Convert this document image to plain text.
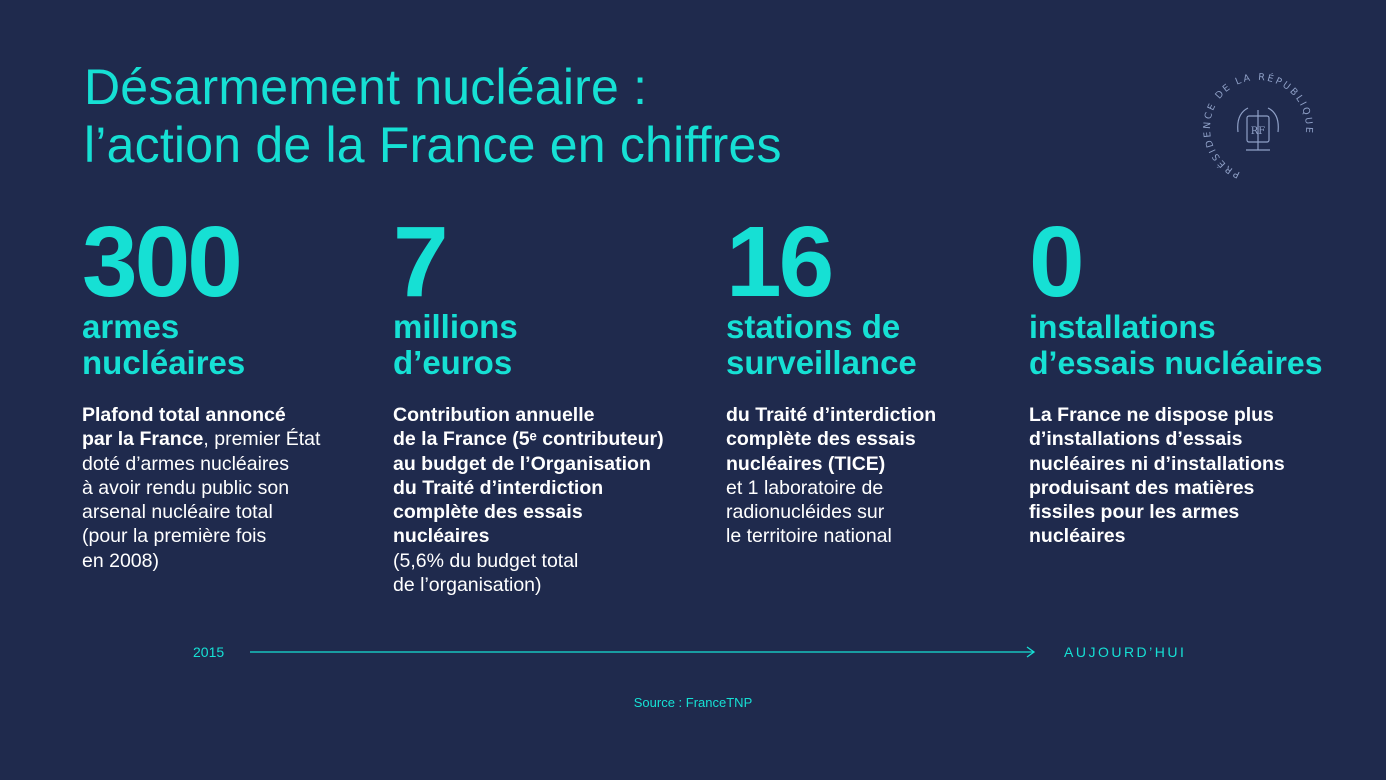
Désarmement nucléaire :
l’action de la France en chiffres
PRÉSIDENCE DE LA RÉPUBLIQUE
RF
300
armes
nucléaires
Plafond total annoncé
par la France, premier État
doté d’armes nucléaires
à avoir rendu public son
arsenal nucléaire total
(pour la première fois
en 2008)
7
millions
d’euros
Contribution annuelle
de la France (5ᵉ contributeur)
au budget de l’Organisation
du Traité d’interdiction
complète des essais
nucléaires
(5,6% du budget total
de l’organisation)
16
stations de
surveillance
du Traité d’interdiction
complète des essais
nucléaires (TICE)
et 1 laboratoire de
radionucléides sur
le territoire national
0
installations
d’essais nucléaires
La France ne dispose plus
d’installations d’essais
nucléaires ni d’installations
produisant des matières
fissiles pour les armes
nucléaires
2015	AUJOURD’HUI
Source : FranceTNP
